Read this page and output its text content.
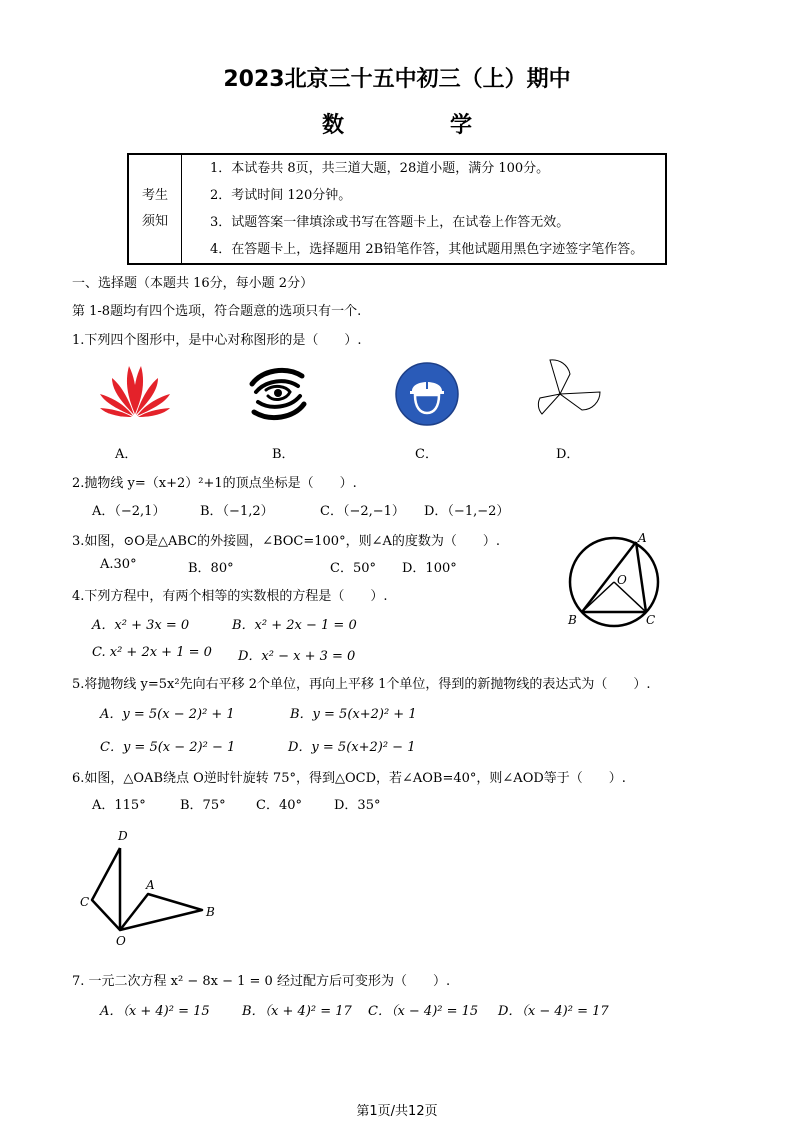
2023北京三十五中初三（上）期中
数　学
考生
须知

1．本试卷共 8页，共三道大题，28道小题，满分 100分。
2．考试时间 120分钟。
3．试题答案一律填涂或书写在答题卡上，在试卷上作答无效。
4．在答题卡上，选择题用 2B铅笔作答，其他试题用黑色字迹签字笔作答。
一、选择题（本题共 16分，每小题 2分）
第 1-8题均有四个选项，符合题意的选项只有一个.
1.下列四个图形中，是中心对称图形的是（　　）.
A．	B．	C．	D．
2.抛物线 y=（x+2）²+1的顶点坐标是（　　）.
A．（−2,1）	B．（−1,2）	C．（−2,−1） D．（−1,−2）
3.如图，⊙O是△ABC的外接圆，∠BOC=100°，则∠A的度数为（　　）.
A.30°	B．80°	C．50° D．100°
A
O
B	C
4.下列方程中，有两个相等的实数根的方程是（　　）.
A．x² + 3x = 0	B．x² + 2x − 1 = 0
C. x² + 2x + 1 = 0 D．x² − x + 3 = 0
5.将抛物线 y=5x²先向右平移 2个单位，再向上平移 1个单位，得到的新抛物线的表达式为（　　）.
A．y = 5(x − 2)² + 1	B．y = 5(x+2)² + 1
C．y = 5(x − 2)² − 1	D．y = 5(x+2)² − 1
6.如图，△OAB绕点 O逆时针旋转 75°，得到△OCD，若∠AOB=40°，则∠AOD等于（　　）.
A．115°	B．75° C．40° D．35°
D
A
C
B
O
7. 一元二次方程 x² − 8x − 1 = 0 经过配方后可变形为（　　）.
A．（x + 4)² = 15 B．（x + 4)² = 17 C．（x − 4)² = 15 D．（x − 4)² = 17
第1页/共12页
